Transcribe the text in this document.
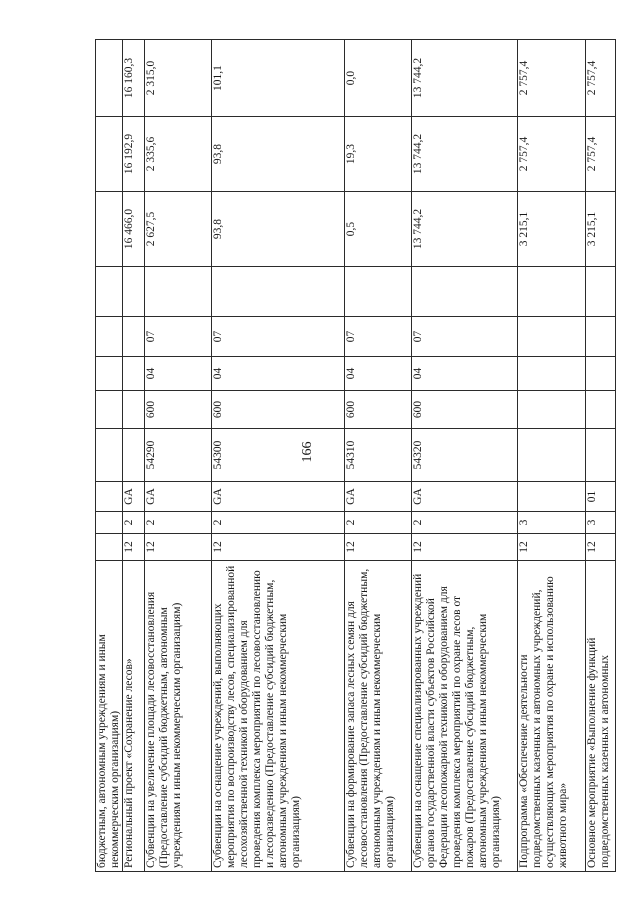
166
бюджетным, автономным учреждениям и иным некоммерческим организациям)											
Региональный проект «Сохранение лесов»	12	2	GA						16 466,0	16 192,9	16 160,3
Субвенции на увеличение площади лесовосстановления (Предоставление субсидий бюджетным, автономным учреждениям и иным некоммерческим организациям)	12	2	GA	54290	600	04	07		2 627,5	2 335,6	2 315,0
Субвенции на оснащение учреждений, выполняющих мероприятия по воспроизводству лесов, специализированной лесохозяйственной техникой и оборудованием для проведения комплекса мероприятий по лесовосстановлению и лесоразведению (Предоставление субсидий бюджетным, автономным учреждениям и иным некоммерческим организациям)	12	2	GA	54300	600	04	07		93,8	93,8	101,1
Субвенции на формирование запаса лесных семян для лесовосстановления (Предоставление субсидий бюджетным, автономным учреждениям и иным некоммерческим организациям)	12	2	GA	54310	600	04	07		0,5	19,3	0,0
Субвенции на оснащение специализированных учреждений органов государственной власти субъектов Российской Федерации лесопожарной техникой и оборудованием для проведения комплекса мероприятий по охране лесов от пожаров (Предоставление субсидий бюджетным, автономным учреждениям и иным некоммерческим организациям)	12	2	GA	54320	600	04	07		13 744,2	13 744,2	13 744,2
Подпрограмма «Обеспечение деятельности подведомственных казенных и автономных учреждений, осуществляющих мероприятия по охране и использованию животного мира»	12	3							3 215,1	2 757,4	2 757,4
Основное мероприятие «Выполнение функций подведомственных казенных и автономных	12	3	01						3 215,1	2 757,4	2 757,4
